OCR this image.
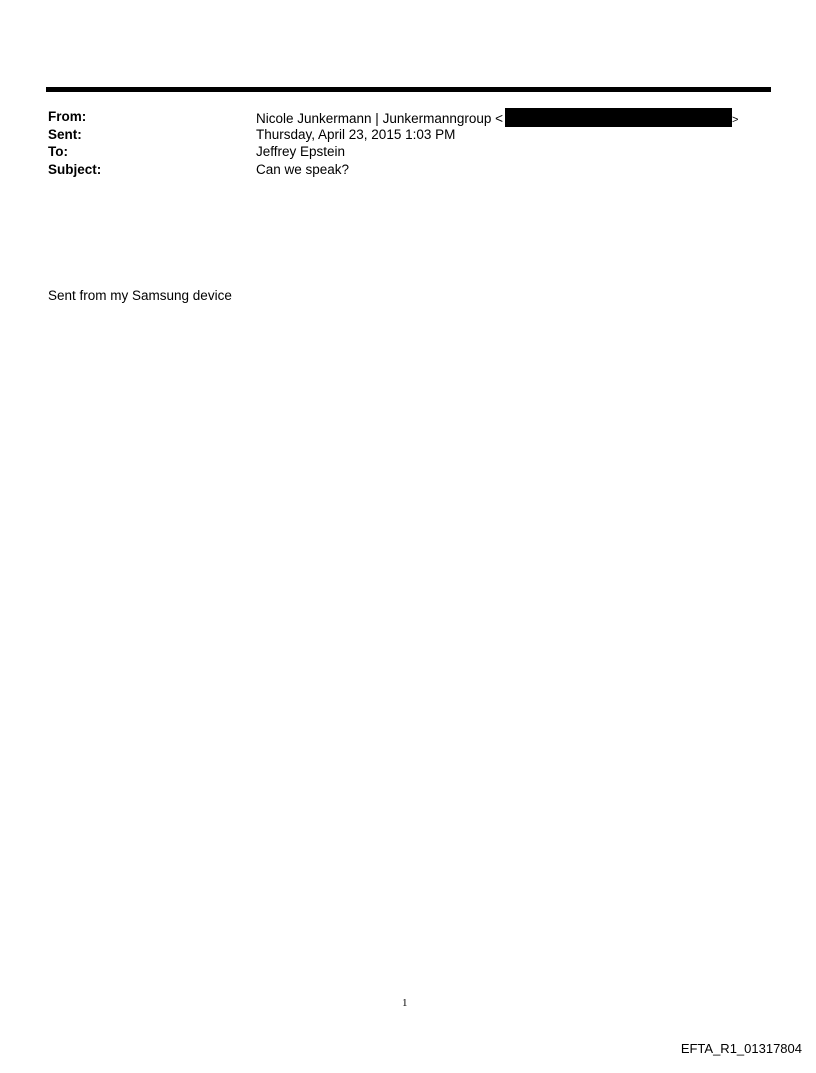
From:	Nicole Junkermann | Junkermanngroup <	>
Sent:	Thursday, April 23, 2015 1:03 PM
To:	Jeffrey Epstein
Subject:	Can we speak?
Sent from my Samsung device
1
EFTA_R1_01317804
